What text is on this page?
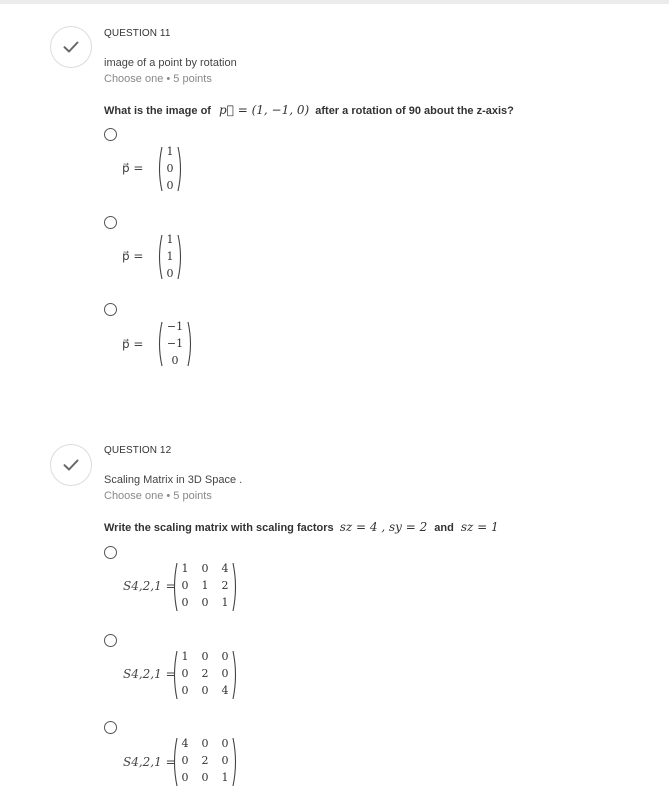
QUESTION 11
image of a point by rotation
Choose one • 5 points
What is the image of p⃗ = (1, −1, 0) after a rotation of 90 about the z-axis?
p⃗ =
1
0
0
p⃗ =
1
1
0
p⃗ =
−1
−1
0
QUESTION 12
Scaling Matrix in 3D Space .
Choose one • 5 points
Write the scaling matrix with scaling factors sz = 4 , sy = 2 and sz = 1
S4,2,1 =
1	0	4
0	1	2
0	0	1
S4,2,1 =
1	0	0
0	2	0
0	0	4
S4,2,1 =
4	0	0
0	2	0
0	0	1
